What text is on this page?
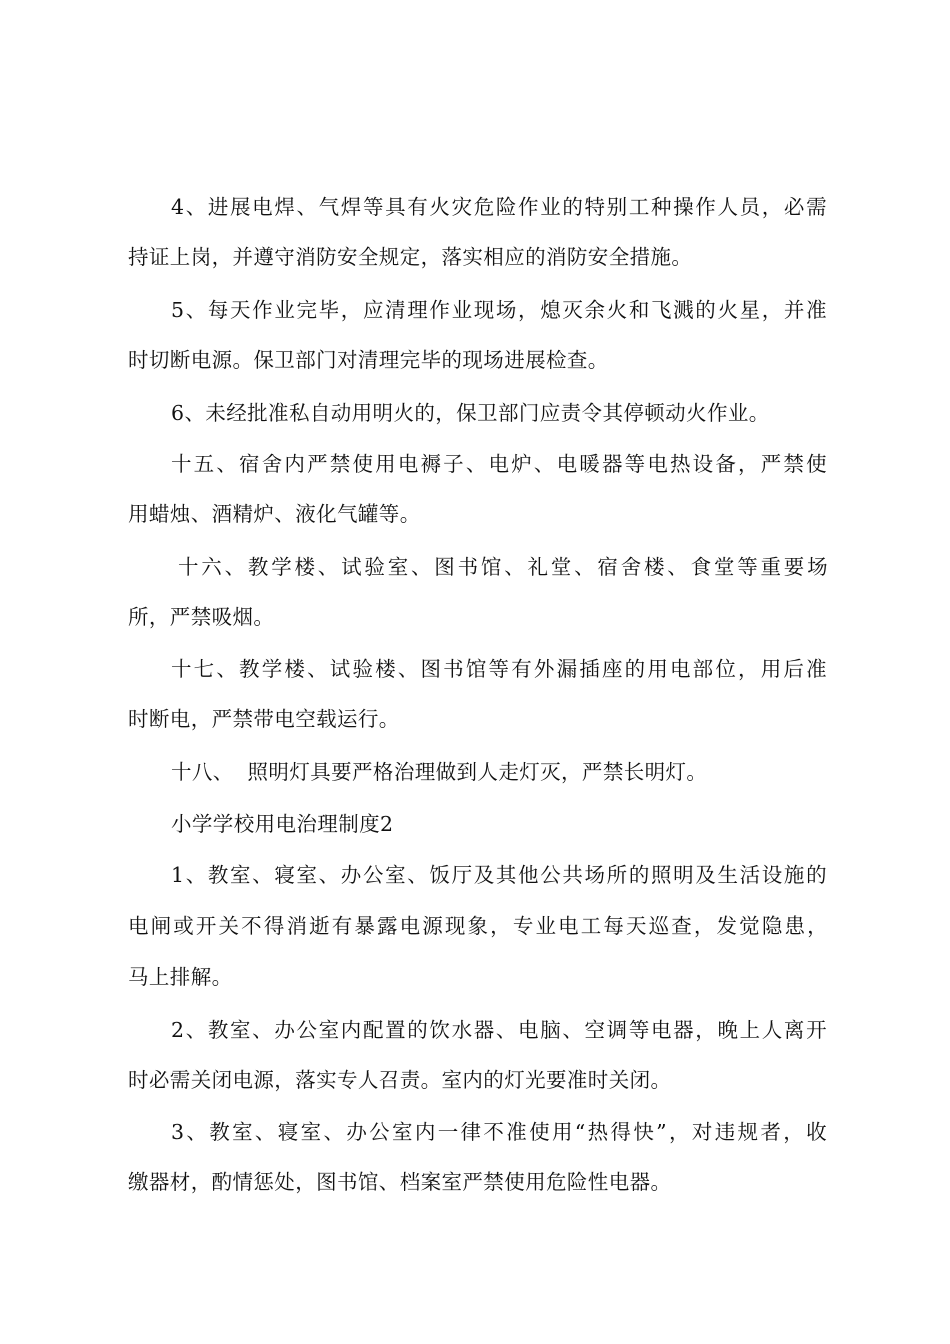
4、进展电焊、气焊等具有火灾危险作业的特别工种操作人员，必需
持证上岗，并遵守消防安全规定，落实相应的消防安全措施。
5、每天作业完毕，应清理作业现场，熄灭余火和飞溅的火星，并准
时切断电源。保卫部门对清理完毕的现场进展检查。
6、未经批准私自动用明火的，保卫部门应责令其停顿动火作业。
十五、宿舍内严禁使用电褥子、电炉、电暖器等电热设备，严禁使
用蜡烛、酒精炉、液化气罐等。
十六、教学楼、试验室、图书馆、礼堂、宿舍楼、食堂等重要场
所，严禁吸烟。
十七、教学楼、试验楼、图书馆等有外漏插座的用电部位，用后准
时断电，严禁带电空载运行。
十八、  照明灯具要严格治理做到人走灯灭，严禁长明灯。
小学学校用电治理制度2
1、教室、寝室、办公室、饭厅及其他公共场所的照明及生活设施的
电闸或开关不得消逝有暴露电源现象，专业电工每天巡查，发觉隐患，
马上排解。
2、教室、办公室内配置的饮水器、电脑、空调等电器，晚上人离开
时必需关闭电源，落实专人召责。室内的灯光要准时关闭。
3、教室、寝室、办公室内一律不准使用“热得快”，对违规者，收
缴器材，酌情惩处，图书馆、档案室严禁使用危险性电器。
